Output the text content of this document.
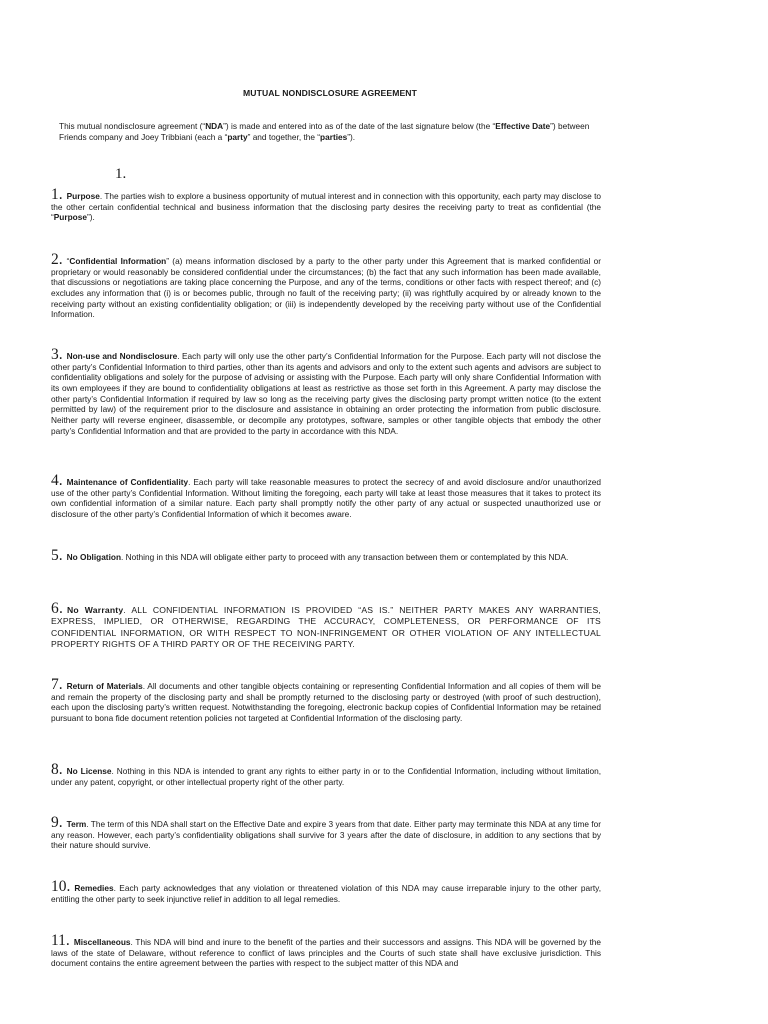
MUTUAL NONDISCLOSURE AGREEMENT
This mutual nondisclosure agreement (“NDA”) is made and entered into as of the date of the last signature below (the “Effective Date”) between Friends company and Joey Tribbiani (each a “party” and together, the “parties”).
1.
1. Purpose. The parties wish to explore a business opportunity of mutual interest and in connection with this opportunity, each party may disclose to the other certain confidential technical and business information that the disclosing party desires the receiving party to treat as confidential (the “Purpose”).
2. “Confidential Information” (a) means information disclosed by a party to the other party under this Agreement that is marked confidential or proprietary or would reasonably be considered confidential under the circumstances; (b) the fact that any such information has been made available, that discussions or negotiations are taking place concerning the Purpose, and any of the terms, conditions or other facts with respect thereof; and (c) excludes any information that (i) is or becomes public, through no fault of the receiving party; (ii) was rightfully acquired by or already known to the receiving party without an existing confidentiality obligation; or (iii) is independently developed by the receiving party without use of the Confidential Information.
3. Non-use and Nondisclosure. Each party will only use the other party’s Confidential Information for the Purpose. Each party will not disclose the other party’s Confidential Information to third parties, other than its agents and advisors and only to the extent such agents and advisors are subject to confidentiality obligations and solely for the purpose of advising or assisting with the Purpose. Each party will only share Confidential Information with its own employees if they are bound to confidentiality obligations at least as restrictive as those set forth in this Agreement. A party may disclose the other party’s Confidential Information if required by law so long as the receiving party gives the disclosing party prompt written notice (to the extent permitted by law) of the requirement prior to the disclosure and assistance in obtaining an order protecting the information from public disclosure. Neither party will reverse engineer, disassemble, or decompile any prototypes, software, samples or other tangible objects that embody the other party’s Confidential Information and that are provided to the party in accordance with this NDA.
4. Maintenance of Confidentiality. Each party will take reasonable measures to protect the secrecy of and avoid disclosure and/or unauthorized use of the other party’s Confidential Information. Without limiting the foregoing, each party will take at least those measures that it takes to protect its own confidential information of a similar nature. Each party shall promptly notify the other party of any actual or suspected unauthorized use or disclosure of the other party’s Confidential Information of which it becomes aware.
5. No Obligation. Nothing in this NDA will obligate either party to proceed with any transaction between them or contemplated by this NDA.
6. No Warranty. ALL CONFIDENTIAL INFORMATION IS PROVIDED “AS IS.” NEITHER PARTY MAKES ANY WARRANTIES, EXPRESS, IMPLIED, OR OTHERWISE, REGARDING THE ACCURACY, COMPLETENESS, OR PERFORMANCE OF ITS CONFIDENTIAL INFORMATION, OR WITH RESPECT TO NON-INFRINGEMENT OR OTHER VIOLATION OF ANY INTELLECTUAL PROPERTY RIGHTS OF A THIRD PARTY OR OF THE RECEIVING PARTY.
7. Return of Materials. All documents and other tangible objects containing or representing Confidential Information and all copies of them will be and remain the property of the disclosing party and shall be promptly returned to the disclosing party or destroyed (with proof of such destruction), each upon the disclosing party’s written request. Notwithstanding the foregoing, electronic backup copies of Confidential Information may be retained pursuant to bona fide document retention policies not targeted at Confidential Information of the disclosing party.
8. No License. Nothing in this NDA is intended to grant any rights to either party in or to the Confidential Information, including without limitation, under any patent, copyright, or other intellectual property right of the other party.
9. Term. The term of this NDA shall start on the Effective Date and expire 3 years from that date. Either party may terminate this NDA at any time for any reason. However, each party’s confidentiality obligations shall survive for 3 years after the date of disclosure, in addition to any sections that by their nature should survive.
10. Remedies. Each party acknowledges that any violation or threatened violation of this NDA may cause irreparable injury to the other party, entitling the other party to seek injunctive relief in addition to all legal remedies.
11. Miscellaneous. This NDA will bind and inure to the benefit of the parties and their successors and assigns. This NDA will be governed by the laws of the state of Delaware, without reference to conflict of laws principles and the Courts of such state shall have exclusive jurisdiction. This document contains the entire agreement between the parties with respect to the subject matter of this NDA and
